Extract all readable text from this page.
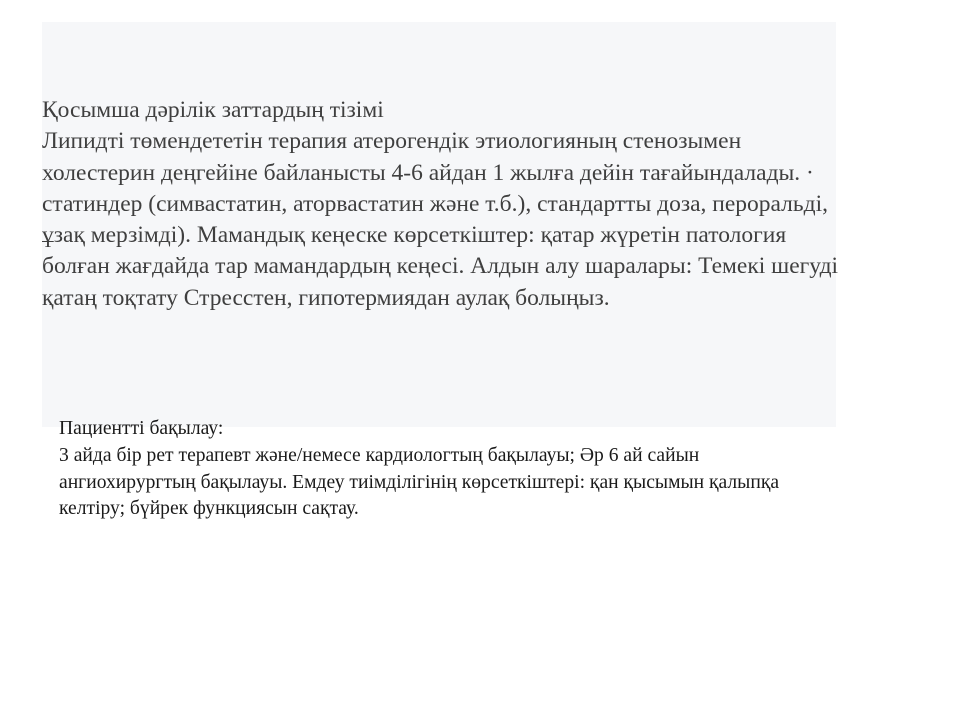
Қосымша дәрілік заттардың тізімі

Липидті төмендететін терапия атерогендік этиологияның стенозымен холестерин деңгейіне байланысты 4-6 айдан 1 жылға дейін тағайындалады. · статиндер (симвастатин, аторвастатин және т.б.), стандартты доза, пероральді, ұзақ мерзімді). Мамандық кеңеске көрсеткіштер: қатар жүретін патология болған жағдайда тар мамандардың кеңесі. Алдын алу шаралары: Темекі шегуді қатаң тоқтату Стресстен, гипотермиядан аулақ болыңыз.

Пациентті бақылау:

3 айда бір рет терапевт және/немесе кардиологтың бақылауы; Әр 6 ай сайын ангиохирургтың бақылауы. Емдеу тиімділігінің көрсеткіштері: қан қысымын қалыпқа келтіру; бүйрек функциясын сақтау.
